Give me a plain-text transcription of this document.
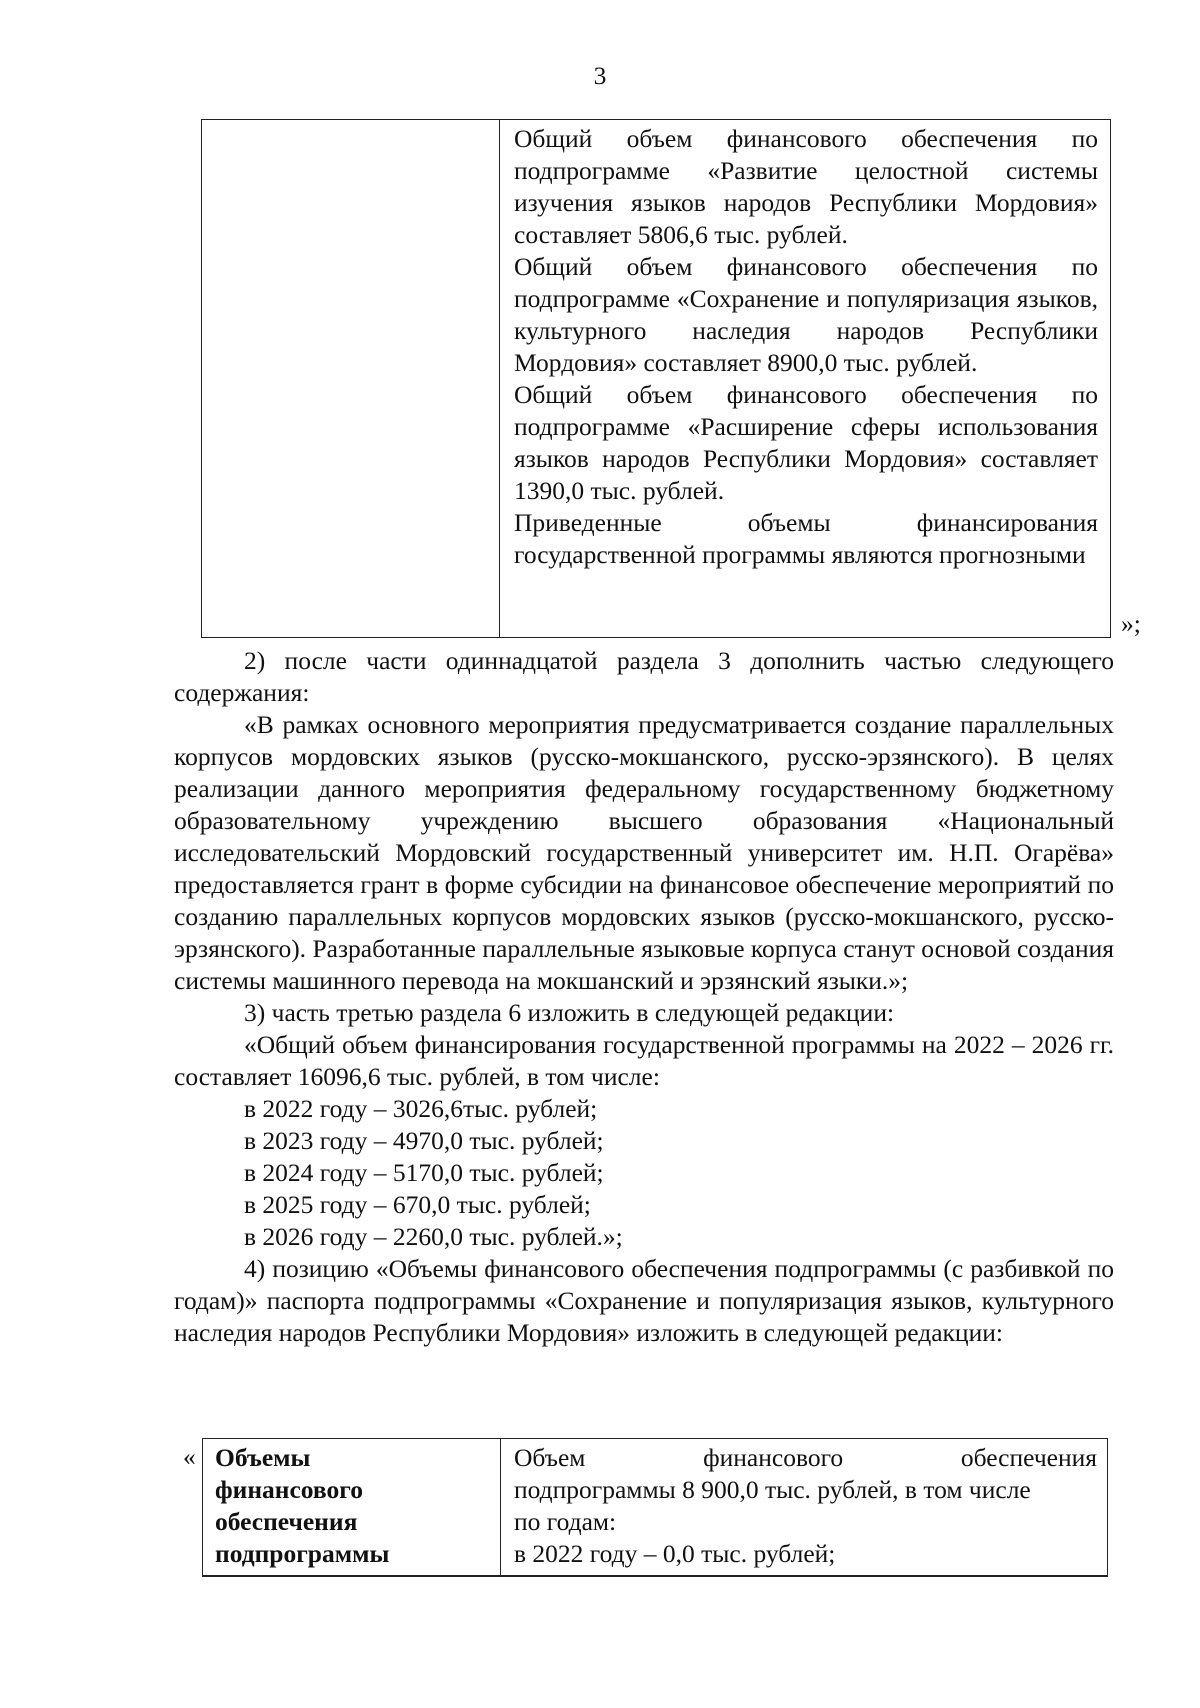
3

Общий объем финансового обеспечения по подпрограмме «Развитие целостной системы изучения языков народов Республики Мордовия» составляет 5806,6 тыс. рублей.

Общий объем финансового обеспечения по подпрограмме «Сохранение и популяризация языков, культурного наследия народов Республики Мордовия» составляет 8900,0 тыс. рублей.

Общий объем финансового обеспечения по подпрограмме «Расширение сферы использования языков народов Республики Мордовия» составляет 1390,0 тыс. рублей.

Приведенные объемы финансирования государственной программы являются прогнозными

»;

2) после части одиннадцатой раздела 3 дополнить частью следующего содержания:

«В рамках основного мероприятия предусматривается создание параллельных корпусов мордовских языков (русско-мокшанского, русско-эрзянского). В целях реализации данного мероприятия федеральному государственному бюджетному образовательному учреждению высшего образования «Национальный исследовательский Мордовский государственный университет им. Н.П. Огарёва» предоставляется грант в форме субсидии на финансовое обеспечение мероприятий по созданию параллельных корпусов мордовских языков (русско-мокшанского, русско-эрзянского). Разработанные параллельные языковые корпуса станут основой создания системы машинного перевода на мокшанский и эрзянский языки.»;

3) часть третью раздела 6 изложить в следующей редакции:

«Общий объем финансирования государственной программы на 2022 – 2026 гг. составляет 16096,6 тыс. рублей, в том числе:

в 2022 году – 3026,6тыс. рублей;

в 2023 году – 4970,0 тыс. рублей;

в 2024 году – 5170,0 тыс. рублей;

в 2025 году – 670,0 тыс. рублей;

в 2026 году – 2260,0 тыс. рублей.»;

4) позицию «Объемы финансового обеспечения подпрограммы (с разбивкой по годам)» паспорта подпрограммы «Сохранение и популяризация языков, культурного наследия народов Республики Мордовия» изложить в следующей редакции:

« Объемы
финансового
обеспечения
подпрограммы

Объем финансового обеспечения

подпрограммы 8 900,0 тыс. рублей, в том числе

по годам:

в 2022 году – 0,0 тыс. рублей;
